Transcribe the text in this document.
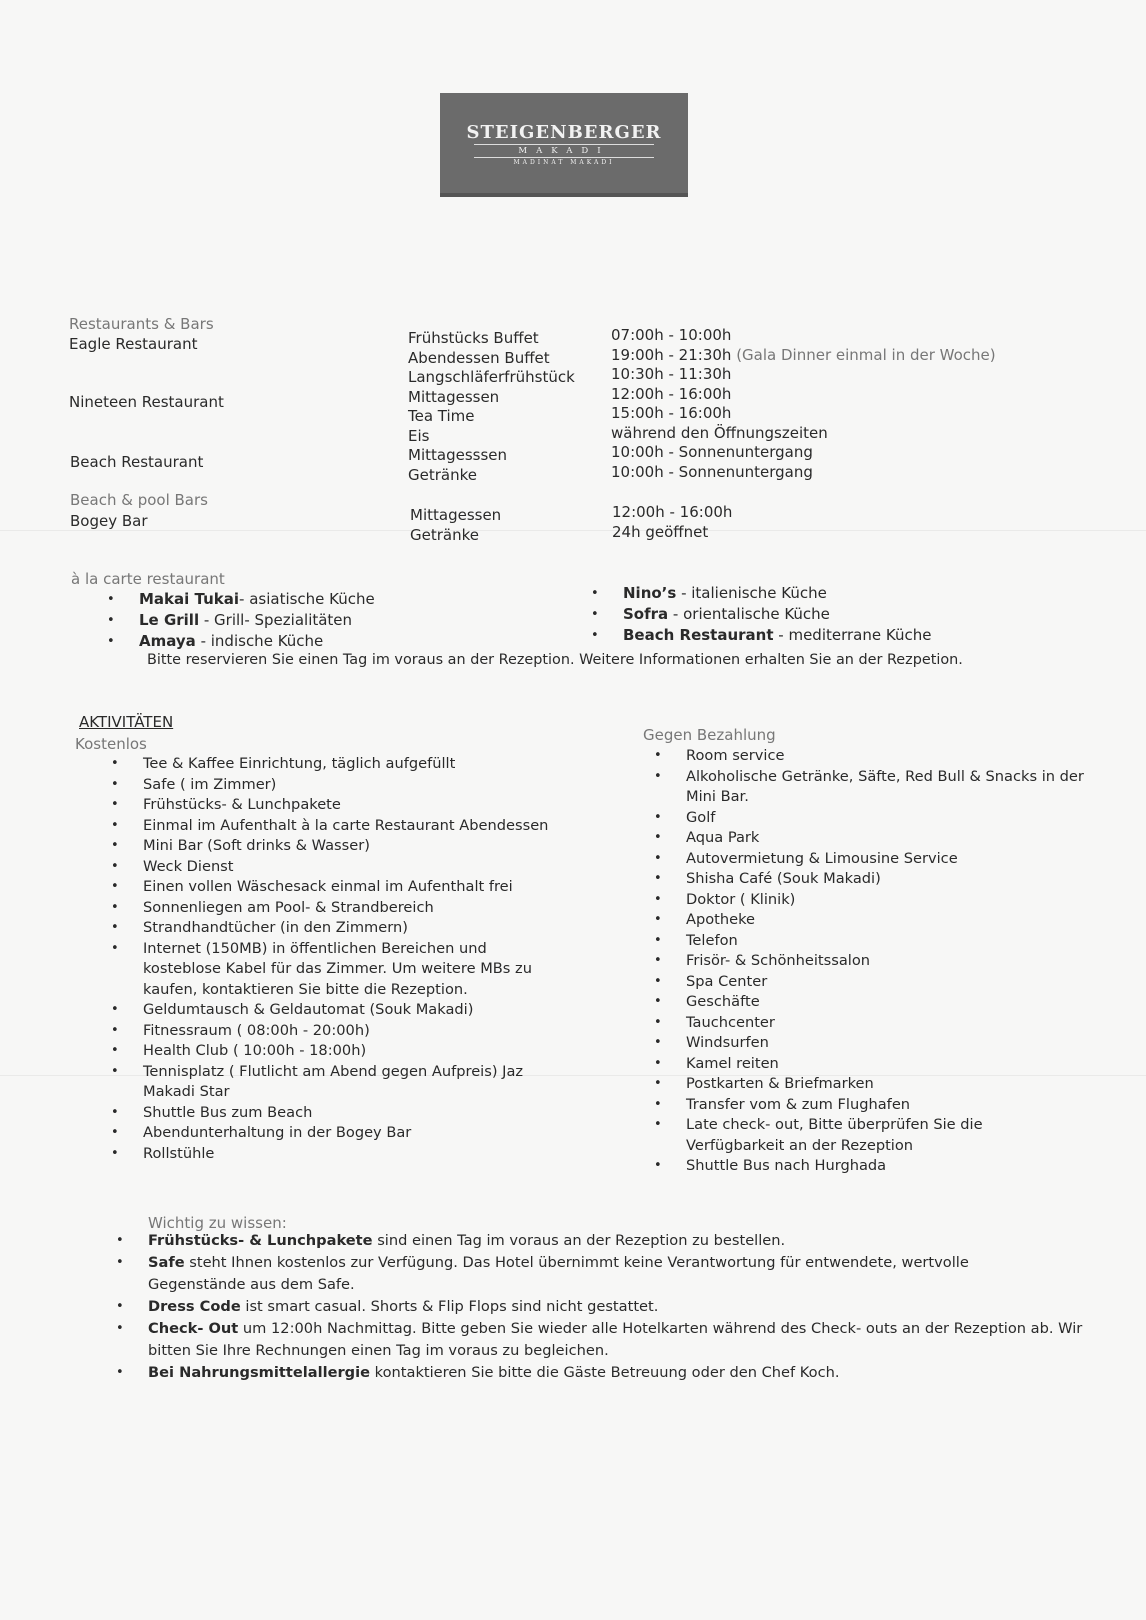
STEIGENBERGER
MAKADI
MADINAT MAKADI
Restaurants & Bars
Eagle Restaurant
Nineteen Restaurant
Beach Restaurant
Beach & pool Bars
Bogey Bar
Frühstücks Buffet
Abendessen Buffet
Langschläferfrühstück
Mittagessen
Tea Time
Eis
Mittagesssen
Getränke
07:00h - 10:00h
19:00h - 21:30h (Gala Dinner einmal in der Woche)
10:30h - 11:30h
12:00h - 16:00h
15:00h - 16:00h
während den Öffnungszeiten
10:00h - Sonnenuntergang
10:00h - Sonnenuntergang
Mittagessen
Getränke
12:00h - 16:00h
24h geöffnet
à la carte restaurant
• Makai Tukai- asiatische Küche
• Le Grill - Grill- Spezialitäten
• Amaya - indische Küche
• Nino’s - italienische Küche
• Sofra - orientalische Küche
• Beach Restaurant - mediterrane Küche
Bitte reservieren Sie einen Tag im voraus an der Rezeption. Weitere Informationen erhalten Sie an der Rezpetion.
AKTIVITÄTEN
Kostenlos
• Tee & Kaffee Einrichtung, täglich aufgefüllt
• Safe ( im Zimmer)
• Frühstücks- & Lunchpakete
• Einmal im Aufenthalt à la carte Restaurant Abendessen
• Mini Bar (Soft drinks & Wasser)
• Weck Dienst
• Einen vollen Wäschesack einmal im Aufenthalt frei
• Sonnenliegen am Pool- & Strandbereich
• Strandhandtücher (in den Zimmern)
• Internet (150MB) in öffentlichen Bereichen und kosteblose Kabel für das Zimmer. Um weitere MBs zu kaufen, kontaktieren Sie bitte die Rezeption.
• Geldumtausch & Geldautomat (Souk Makadi)
• Fitnessraum ( 08:00h - 20:00h)
• Health Club ( 10:00h - 18:00h)
• Tennisplatz ( Flutlicht am Abend gegen Aufpreis) Jaz Makadi Star
• Shuttle Bus zum Beach
• Abendunterhaltung in der Bogey Bar
• Rollstühle
Gegen Bezahlung
• Room service
• Alkoholische Getränke, Säfte, Red Bull & Snacks in der Mini Bar.
• Golf
• Aqua Park
• Autovermietung & Limousine Service
• Shisha Café (Souk Makadi)
• Doktor ( Klinik)
• Apotheke
• Telefon
• Frisör- & Schönheitssalon
• Spa Center
• Geschäfte
• Tauchcenter
• Windsurfen
• Kamel reiten
• Postkarten & Briefmarken
• Transfer vom & zum Flughafen
• Late check- out, Bitte überprüfen Sie die Verfügbarkeit an der Rezeption
• Shuttle Bus nach Hurghada
Wichtig zu wissen:
• Frühstücks- & Lunchpakete sind einen Tag im voraus an der Rezeption zu bestellen.
• Safe steht Ihnen kostenlos zur Verfügung. Das Hotel übernimmt keine Verantwortung für entwendete, wertvolle Gegenstände aus dem Safe.
• Dress Code ist smart casual. Shorts & Flip Flops sind nicht gestattet.
• Check- Out um 12:00h Nachmittag. Bitte geben Sie wieder alle Hotelkarten während des Check- outs an der Rezeption ab. Wir bitten Sie Ihre Rechnungen einen Tag im voraus zu begleichen.
• Bei Nahrungsmittelallergie kontaktieren Sie bitte die Gäste Betreuung oder den Chef Koch.
